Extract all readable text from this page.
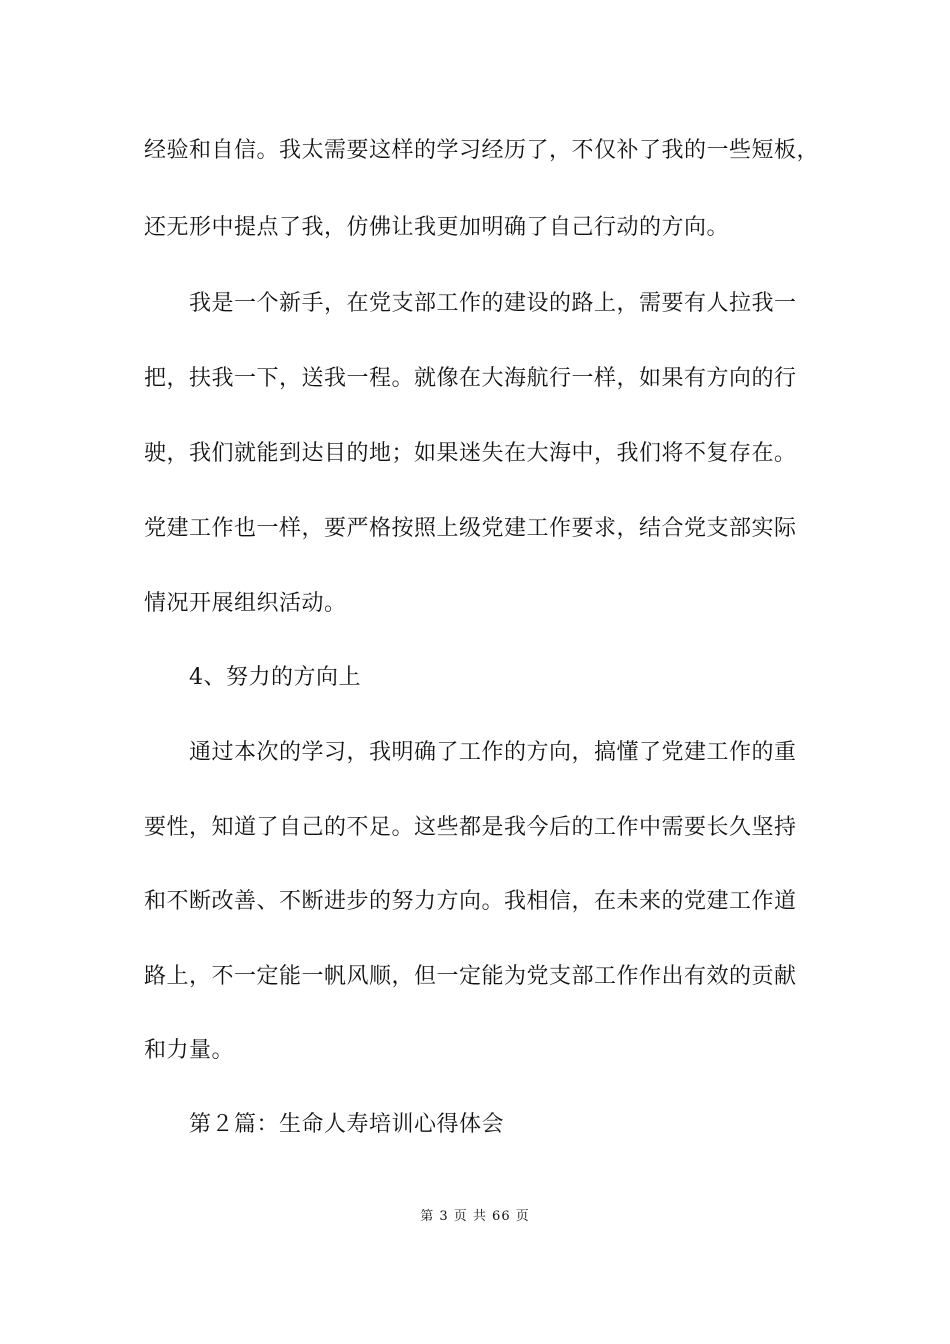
经验和自信。我太需要这样的学习经历了，不仅补了我的一些短板，
还无形中提点了我，仿佛让我更加明确了自己行动的方向。
我是一个新手，在党支部工作的建设的路上，需要有人拉我一
把，扶我一下，送我一程。就像在大海航行一样，如果有方向的行
驶，我们就能到达目的地；如果迷失在大海中，我们将不复存在。
党建工作也一样，要严格按照上级党建工作要求，结合党支部实际
情况开展组织活动。
4、努力的方向上
通过本次的学习，我明确了工作的方向，搞懂了党建工作的重
要性，知道了自己的不足。这些都是我今后的工作中需要长久坚持
和不断改善、不断进步的努力方向。我相信，在未来的党建工作道
路上，不一定能一帆风顺，但一定能为党支部工作作出有效的贡献
和力量。
第２篇：生命人寿培训心得体会
第 3 页 共 66 页
